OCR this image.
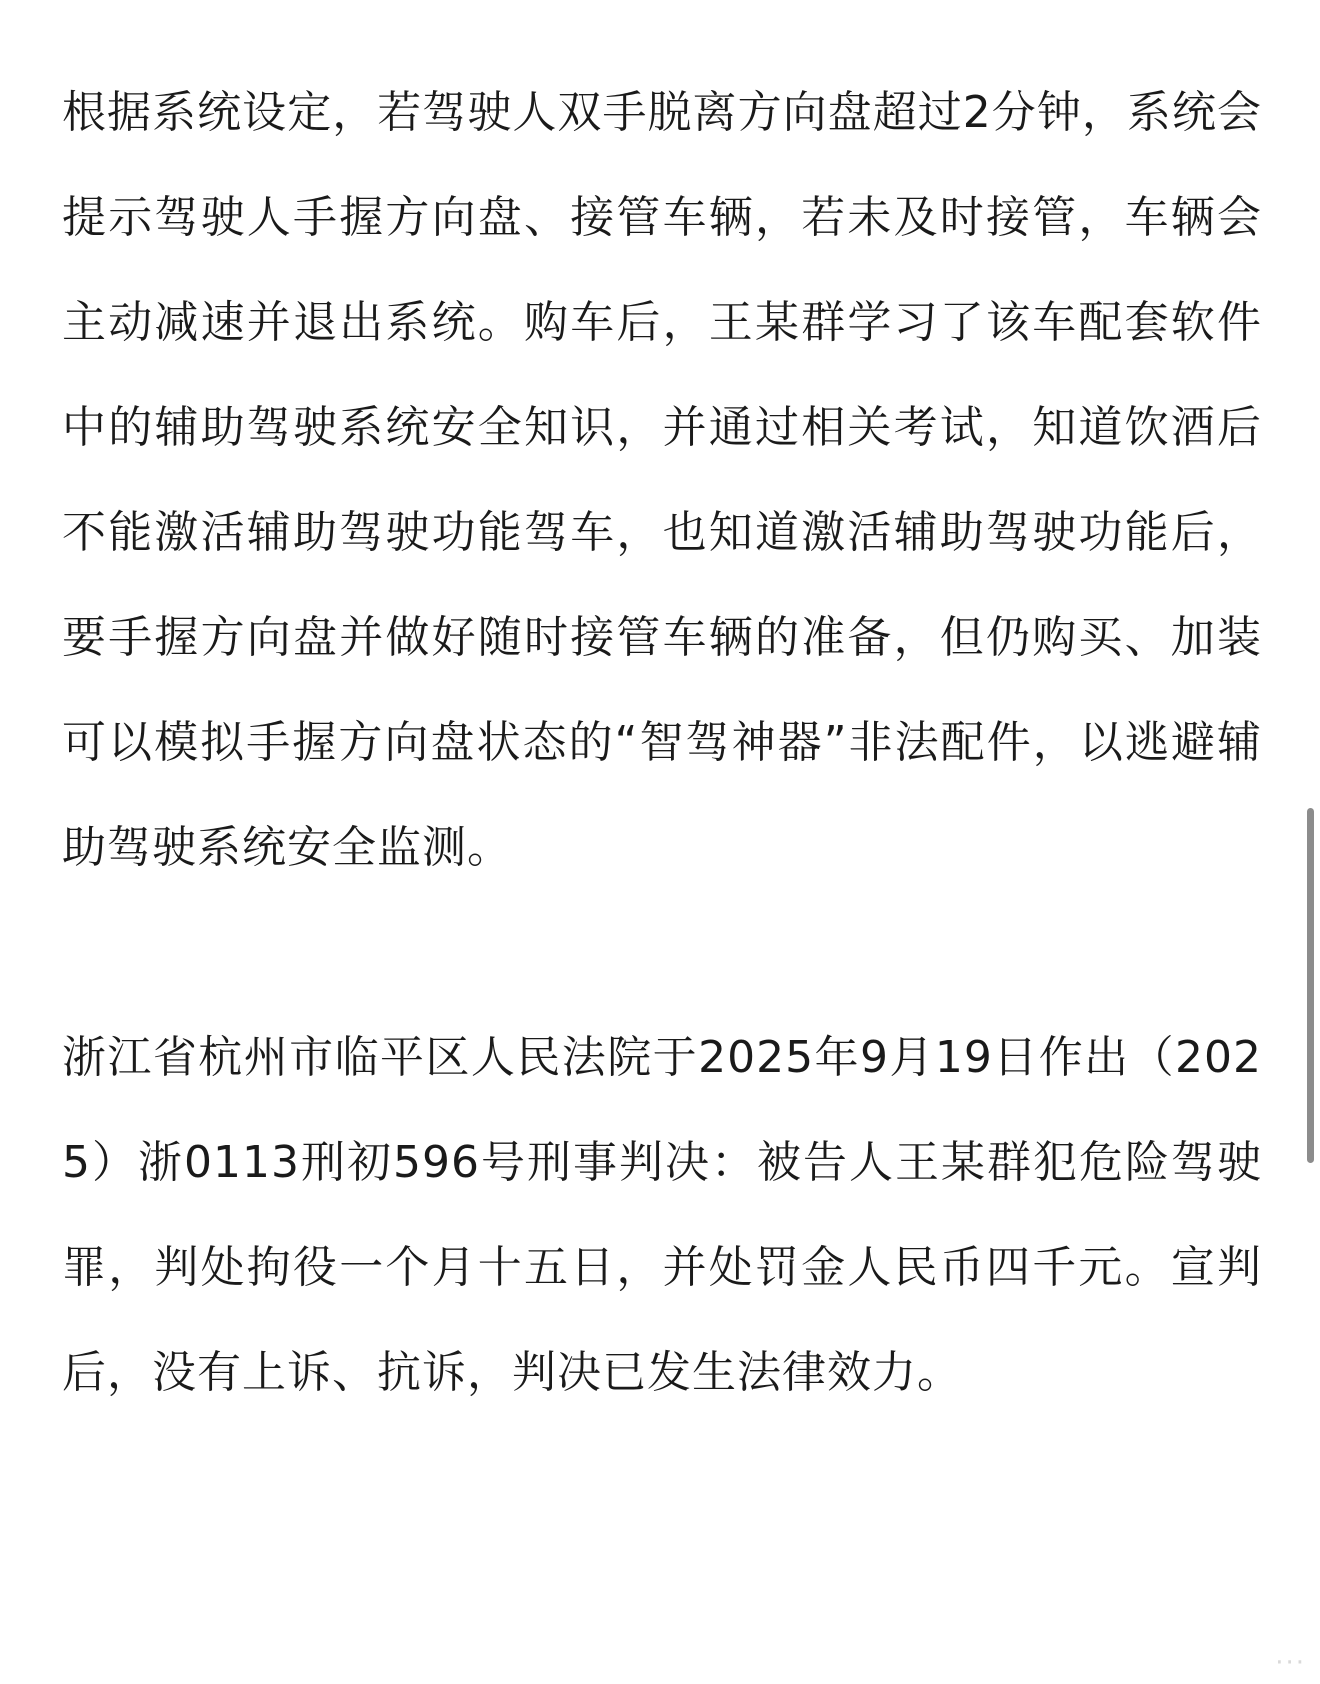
根据系统设定，若驾驶人双手脱离方向盘超过2分钟，系统会提示驾驶人手握方向盘、接管车辆，若未及时接管，车辆会主动减速并退出系统。购车后，王某群学习了该车配套软件中的辅助驾驶系统安全知识，并通过相关考试，知道饮酒后不能激活辅助驾驶功能驾车，也知道激活辅助驾驶功能后，要手握方向盘并做好随时接管车辆的准备，但仍购买、加装可以模拟手握方向盘状态的“智驾神器”非法配件，以逃避辅助驾驶系统安全监测。

浙江省杭州市临平区人民法院于2025年9月19日作出（2025）浙0113刑初596号刑事判决：被告人王某群犯危险驾驶罪，判处拘役一个月十五日，并处罚金人民币四千元。宣判后，没有上诉、抗诉，判决已发生法律效力。

···
